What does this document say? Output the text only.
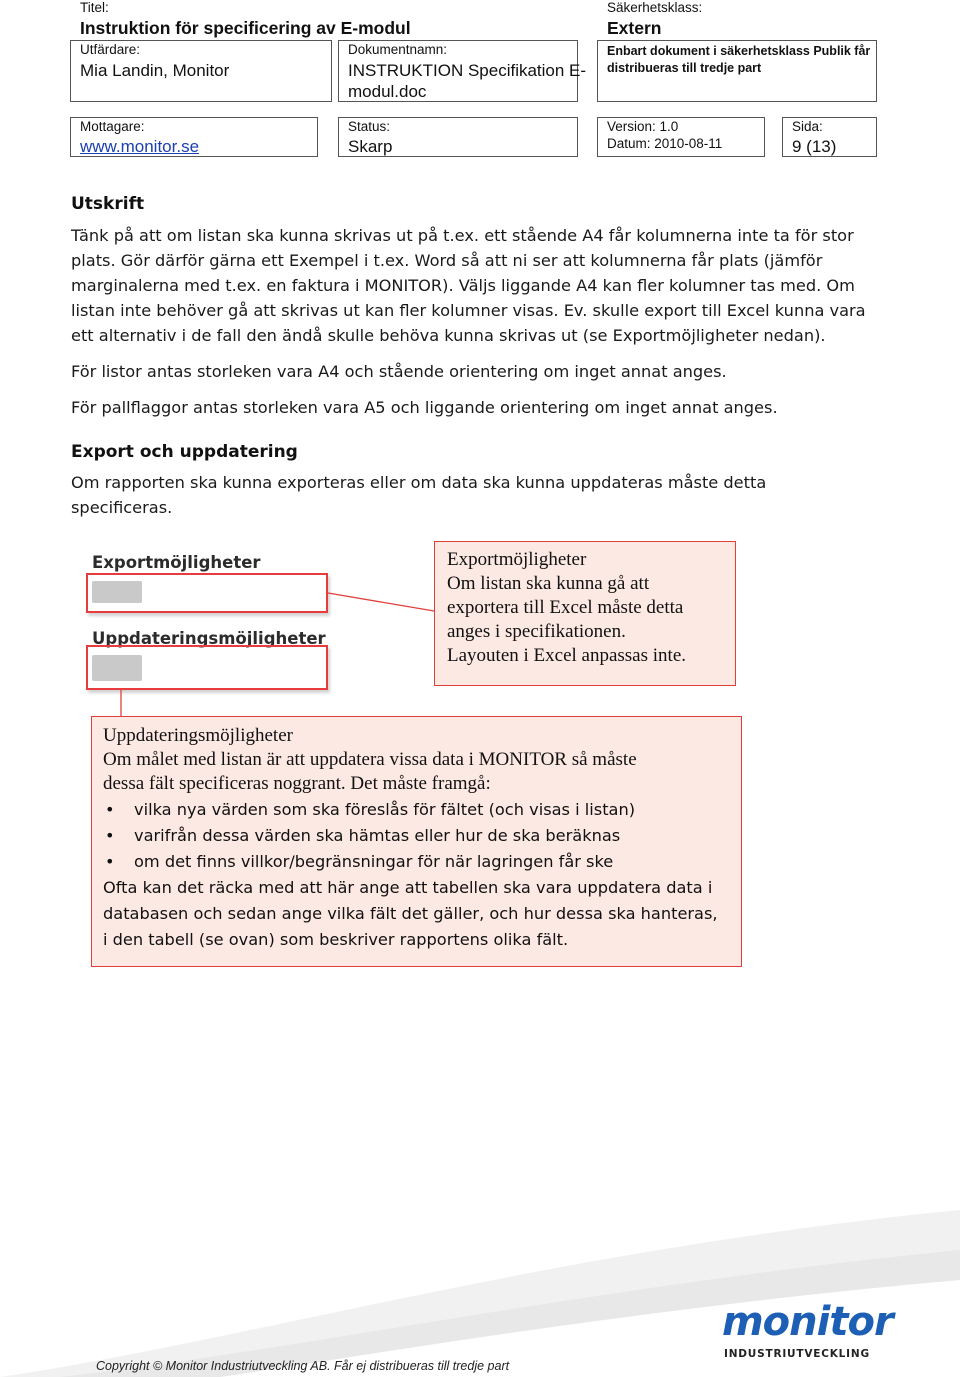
Titel:
Instruktion för specificering av E-modul
Säkerhetsklass:
Extern
Utfärdare:
Mia Landin, Monitor
Dokumentnamn:
INSTRUKTION Specifikation E-
modul.doc
Enbart dokument i säkerhetsklass Publik får
distribueras till tredje part
Mottagare:
www.monitor.se
Status:
Skarp
Version: 1.0
Datum: 2010-08-11
Sida:
9 (13)
Utskrift
Tänk på att om listan ska kunna skrivas ut på t.ex. ett stående A4 får kolumnerna inte ta för stor
plats. Gör därför gärna ett Exempel i t.ex. Word så att ni ser att kolumnerna får plats (jämför
marginalerna med t.ex. en faktura i MONITOR). Väljs liggande A4 kan fler kolumner tas med. Om
listan inte behöver gå att skrivas ut kan fler kolumner visas. Ev. skulle export till Excel kunna vara
ett alternativ i de fall den ändå skulle behöva kunna skrivas ut (se Exportmöjligheter nedan).
För listor antas storleken vara A4 och stående orientering om inget annat anges.
För pallflaggor antas storleken vara A5 och liggande orientering om inget annat anges.
Export och uppdatering
Om rapporten ska kunna exporteras eller om data ska kunna uppdateras måste detta
specificeras.
Exportmöjligheter
Uppdateringsmöjligheter
Exportmöjligheter
Om listan ska kunna gå att
exportera till Excel måste detta
anges i specifikationen.
Layouten i Excel anpassas inte.
Uppdateringsmöjligheter
Om målet med listan är att uppdatera vissa data i MONITOR så måste
dessa fält specificeras noggrant. Det måste framgå:
• vilka nya värden som ska föreslås för fältet (och visas i listan)
• varifrån dessa värden ska hämtas eller hur de ska beräknas
• om det finns villkor/begränsningar för när lagringen får ske
Ofta kan det räcka med att här ange att tabellen ska vara uppdatera data i
databasen och sedan ange vilka fält det gäller, och hur dessa ska hanteras,
i den tabell (se ovan) som beskriver rapportens olika fält.
Copyright © Monitor Industriutveckling AB. Får ej distribueras till tredje part
monitor
INDUSTRIUTVECKLING
